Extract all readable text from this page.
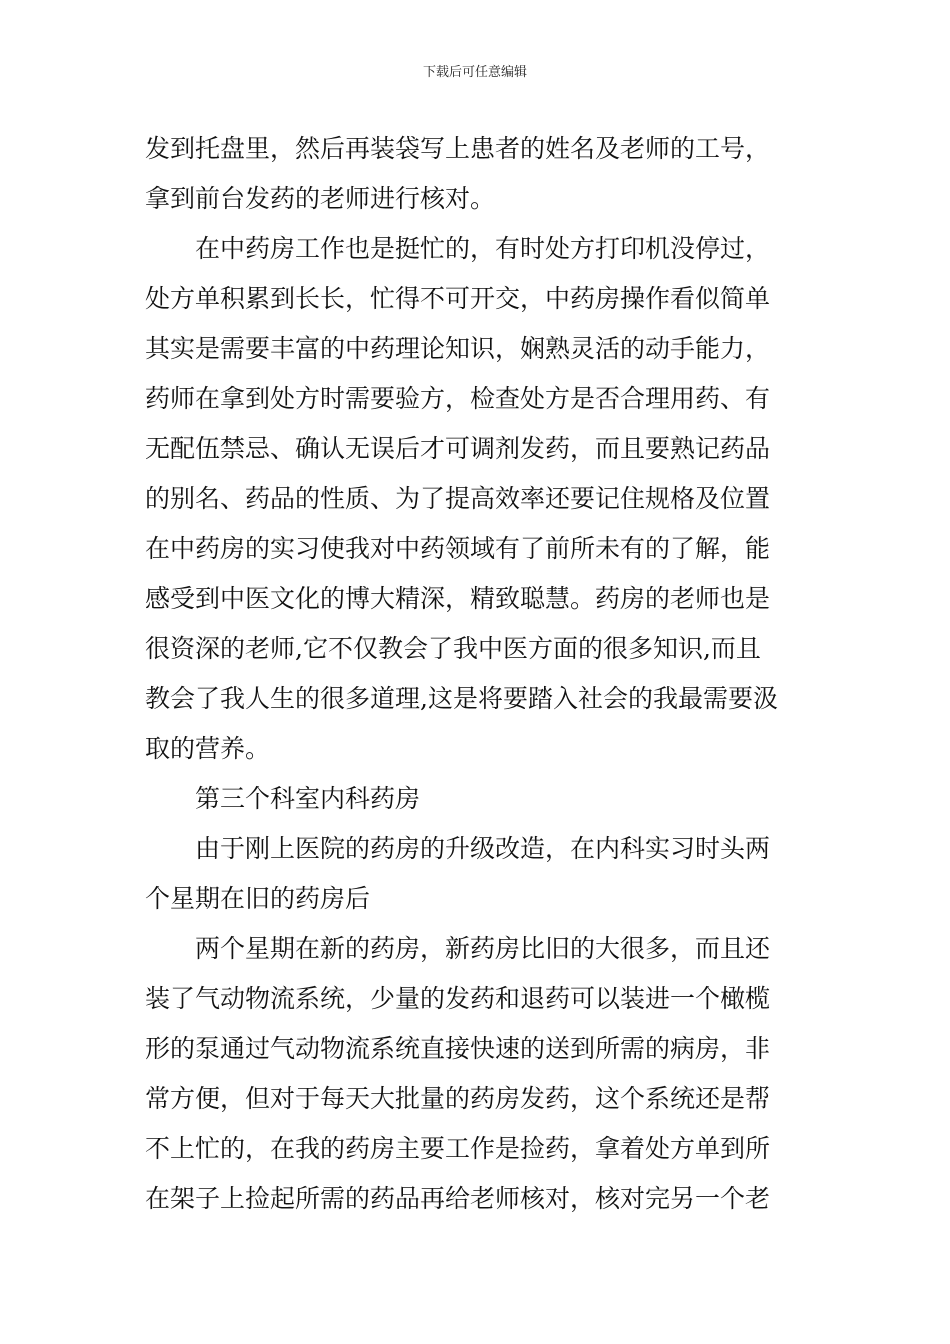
下载后可任意编辑
发到托盘里，然后再装袋写上患者的姓名及老师的工号，
拿到前台发药的老师进行核对。
在中药房工作也是挺忙的，有时处方打印机没停过，
处方单积累到长长，忙得不可开交，中药房操作看似简单
其实是需要丰富的中药理论知识，娴熟灵活的动手能力，
药师在拿到处方时需要验方，检查处方是否合理用药、有
无配伍禁忌、确认无误后才可调剂发药，而且要熟记药品
的别名、药品的性质、为了提高效率还要记住规格及位置
在中药房的实习使我对中药领域有了前所未有的了解，能
感受到中医文化的博大精深，精致聪慧。药房的老师也是
很资深的老师,它不仅教会了我中医方面的很多知识,而且
教会了我人生的很多道理,这是将要踏入社会的我最需要汲
取的营养。
第三个科室内科药房
由于刚上医院的药房的升级改造，在内科实习时头两
个星期在旧的药房后
两个星期在新的药房，新药房比旧的大很多，而且还
装了气动物流系统，少量的发药和退药可以装进一个橄榄
形的泵通过气动物流系统直接快速的送到所需的病房，非
常方便，但对于每天大批量的药房发药，这个系统还是帮
不上忙的，在我的药房主要工作是捡药，拿着处方单到所
在架子上捡起所需的药品再给老师核对，核对完另一个老
